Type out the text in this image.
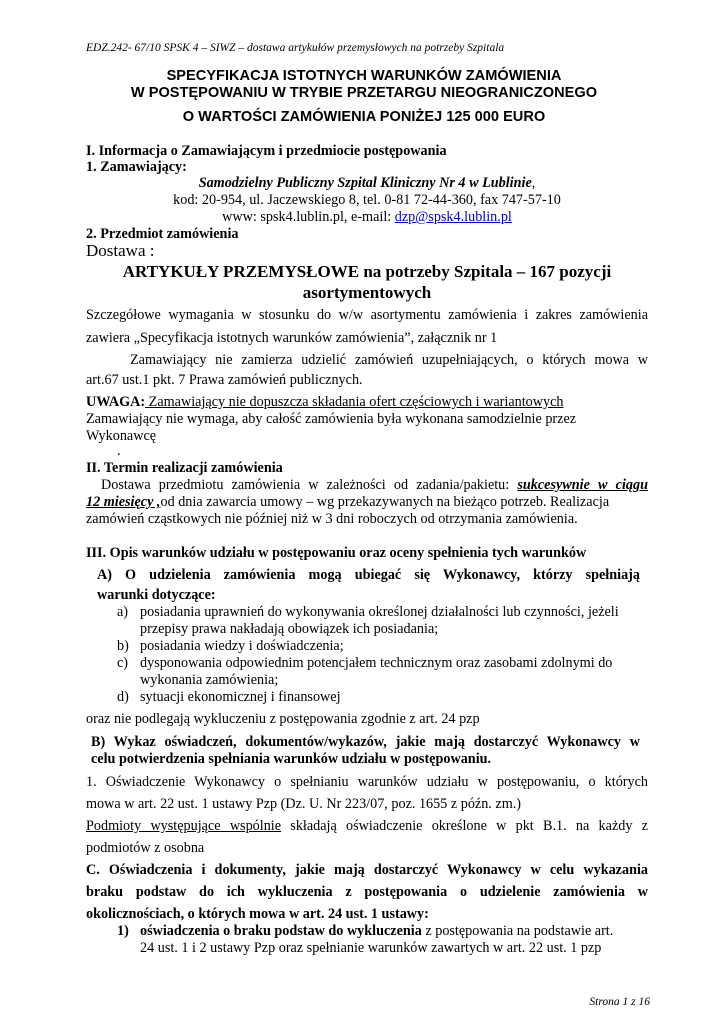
EDZ.242- 67/10 SPSK 4 – SIWZ – dostawa artykułów przemysłowych na potrzeby Szpitala
SPECYFIKACJA ISTOTNYCH WARUNKÓW ZAMÓWIENIA
W POSTĘPOWANIU W TRYBIE PRZETARGU NIEOGRANICZONEGO
O WARTOŚCI ZAMÓWIENIA PONIŻEJ 125 000 EURO
I. Informacja o Zamawiającym i przedmiocie postępowania
1. Zamawiający:
Samodzielny Publiczny Szpital Kliniczny Nr 4 w Lublinie,
kod: 20-954, ul. Jaczewskiego 8, tel. 0-81 72-44-360, fax 747-57-10
www: spsk4.lublin.pl, e-mail: dzp@spsk4.lublin.pl
2. Przedmiot zamówienia
Dostawa :
ARTYKUŁY PRZEMYSŁOWE na potrzeby Szpitala – 167 pozycji
asortymentowych
Szczegółowe wymagania w stosunku do w/w asortymentu zamówienia i zakres zamówienia
zawiera „Specyfikacja istotnych warunków zamówienia”, załącznik nr 1
Zamawiający nie zamierza udzielić zamówień uzupełniających, o których mowa w
art.67 ust.1 pkt. 7 Prawa zamówień publicznych.
UWAGA: Zamawiający nie dopuszcza składania ofert częściowych i wariantowych
Zamawiający nie wymaga, aby całość zamówienia była wykonana samodzielnie przez
Wykonawcę
.
II. Termin realizacji zamówienia
Dostawa przedmiotu zamówienia w zależności od zadania/pakietu: sukcesywnie w ciągu
12 miesięcy ,od dnia zawarcia umowy – wg przekazywanych na bieżąco potrzeb. Realizacja
zamówień cząstkowych nie później niż w 3 dni roboczych od otrzymania zamówienia.
III. Opis warunków udziału w postępowaniu oraz oceny spełnienia tych warunków
A) O udzielenia zamówienia mogą ubiegać się Wykonawcy, którzy spełniają
warunki dotyczące:
a) posiadania uprawnień do wykonywania określonej działalności lub czynności, jeżeli
przepisy prawa nakładają obowiązek ich posiadania;
b) posiadania wiedzy i doświadczenia;
c) dysponowania odpowiednim potencjałem technicznym oraz zasobami zdolnymi do
wykonania zamówienia;
d) sytuacji ekonomicznej i finansowej
oraz nie podlegają wykluczeniu z postępowania zgodnie z art. 24 pzp
B) Wykaz oświadczeń, dokumentów/wykazów, jakie mają dostarczyć Wykonawcy w
celu potwierdzenia spełniania warunków udziału w postępowaniu.
1. Oświadczenie Wykonawcy o spełnianiu warunków udziału w postępowaniu, o których
mowa w art. 22 ust. 1 ustawy Pzp (Dz. U. Nr 223/07, poz. 1655 z późn. zm.)
Podmioty występujące wspólnie składają oświadczenie określone w pkt B.1. na każdy z
podmiotów z osobna
C. Oświadczenia i dokumenty, jakie mają dostarczyć Wykonawcy w celu wykazania
braku podstaw do ich wykluczenia z postępowania o udzielenie zamówienia w
okolicznościach, o których mowa w art. 24 ust. 1 ustawy:
1) oświadczenia o braku podstaw do wykluczenia z postępowania na podstawie art.
24 ust. 1 i 2 ustawy Pzp oraz spełnianie warunków zawartych w art. 22 ust. 1 pzp
Strona 1 z 16
